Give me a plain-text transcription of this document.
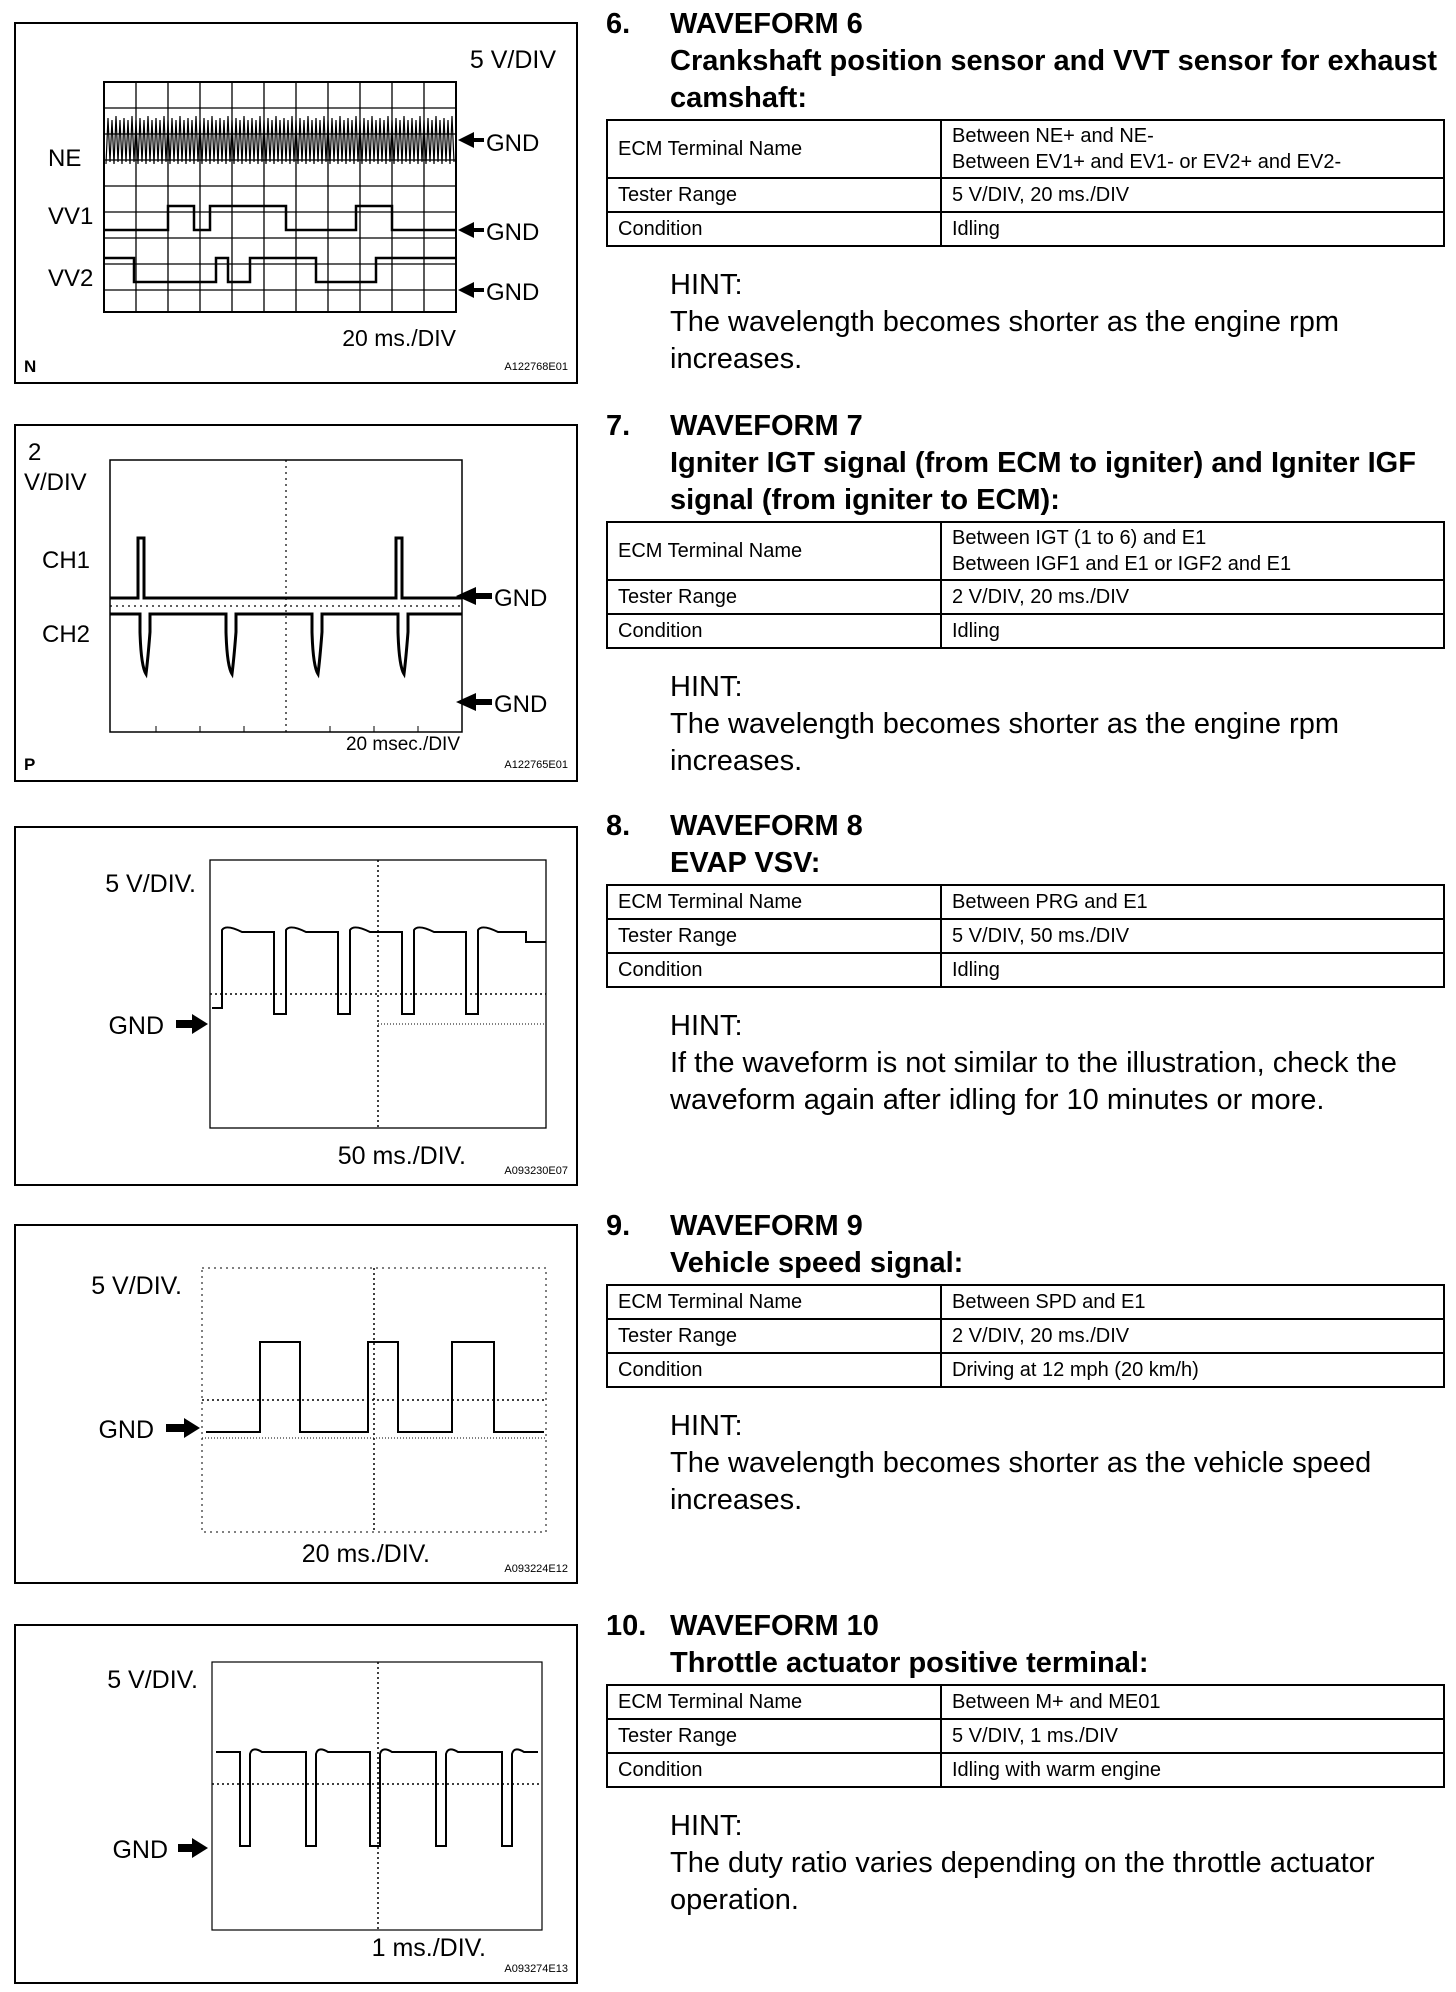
5 V/DIV
GND
GND
GND
NE
VV1
VV2
20 ms./DIV
N	A122768E01
2
V/DIV
CH1
CH2
GND
GND
20 msec./DIV
P	A122765E01
5 V/DIV.
GND
50 ms./DIV.
A093230E07
5 V/DIV.
GND
20 ms./DIV.
A093224E12
5 V/DIV.
GND
1 ms./DIV.
A093274E13
6. WAVEFORM 6
Crankshaft position sensor and VVT sensor for exhaust camshaft:
ECM Terminal Name	Between NE+ and NE-
Between EV1+ and EV1- or EV2+ and EV2-

Tester Range	5 V/DIV, 20 ms./DIV
Condition	Idling
HINT:
The wavelength becomes shorter as the engine rpm increases.
7. WAVEFORM 7
Igniter IGT signal (from ECM to igniter) and Igniter IGF signal (from igniter to ECM):
ECM Terminal Name	Between IGT (1 to 6) and E1
Between IGF1 and E1 or IGF2 and E1

Tester Range	2 V/DIV, 20 ms./DIV
Condition	Idling
HINT:
The wavelength becomes shorter as the engine rpm increases.
8. WAVEFORM 8
EVAP VSV:
ECM Terminal Name	Between PRG and E1
Tester Range	5 V/DIV, 50 ms./DIV
Condition	Idling
HINT:
If the waveform is not similar to the illustration, check the waveform again after idling for 10 minutes or more.
9. WAVEFORM 9
Vehicle speed signal:
ECM Terminal Name	Between SPD and E1
Tester Range	2 V/DIV, 20 ms./DIV
Condition	Driving at 12 mph (20 km/h)
HINT:
The wavelength becomes shorter as the vehicle speed increases.
10. WAVEFORM 10
Throttle actuator positive terminal:
ECM Terminal Name	Between M+ and ME01
Tester Range	5 V/DIV, 1 ms./DIV
Condition	Idling with warm engine
HINT:
The duty ratio varies depending on the throttle actuator operation.
